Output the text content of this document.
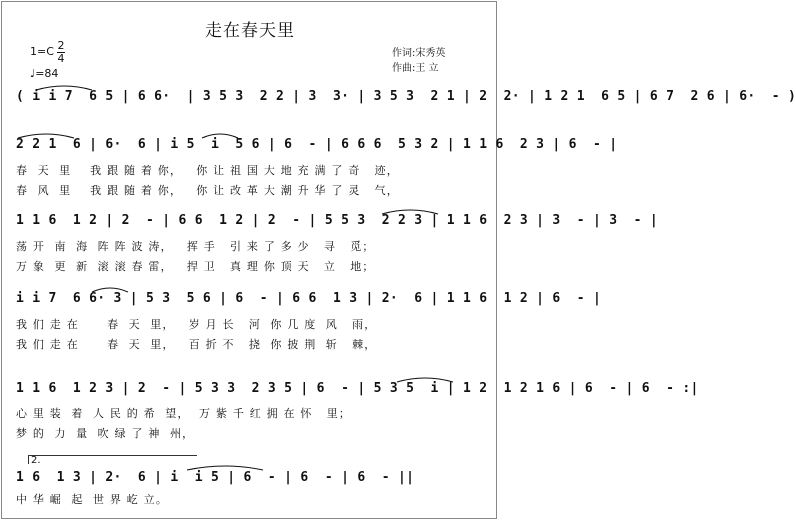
走在春天里
1=C 2
4
♩=84
作词:宋秀英
作曲:王 立
( i i 7  6 5 | 6 6·  | 3 5 3  2 2 | 3  3· | 3 5 3  2 1 | 2  2· | 1 2 1  6 5 | 6 7  2 6 | 6·  - )
2 2 1  6 | 6·  6 | i 5  i  5 6 | 6  - | 6 6 6  5 3 2 | 1 1 6  2 3 | 6  - |
春  天  里    我 跟 随 着 你，   你 让 祖 国 大 地 充 满 了 奇   迹，
春  风  里    我 跟 随 着 你，   你 让 改 革 大 潮 升 华 了 灵   气，
1 1 6  1 2 | 2  - | 6 6  1 2 | 2  - | 5 5 3  2 2 3 | 1 1 6  2 3 | 3  - | 3  - |
荡 开  南  海  阵 阵 波 涛，   挥 手   引 来 了 多 少   寻   觅；
万 象  更  新  滚 滚 春 雷，   捍 卫   真 理 你 顶 天   立   地；
i i 7  6 6· 3 | 5 3  5 6 | 6  - | 6 6  1 3 | 2·  6 | 1 1 6  1 2 | 6  - |
我 们 走 在      春  天  里，   岁 月 长   河  你 几 度  风   雨，
我 们 走 在      春  天  里，   百 折 不   挠  你 披 荆  斩   棘，
1 1 6  1 2 3 | 2  - | 5 3 3  2 3 5 | 6  - | 5 3 5  i | 1 2  1 2 1 6 | 6  - | 6  - :|
心 里 装  着  人 民 的 希  望，  万 紫 千 红 拥 在 怀   里；
梦 的  力  量  吹 绿 了 神  州，
2.
1 6  1 3 | 2·  6 | i  i 5 | 6  - | 6  - | 6  - ||
中 华 崛  起  世 界 屹 立。
